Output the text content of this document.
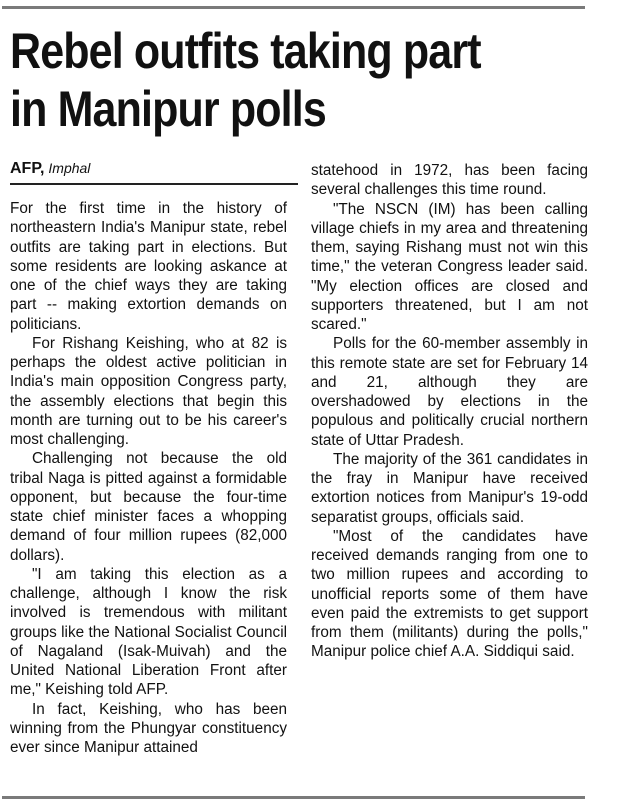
Rebel outfits taking part
in Manipur polls
AFP, Imphal

For the first time in the history of northeastern India's Manipur state, rebel outfits are taking part in elections. But some residents are looking askance at one of the chief ways they are taking part -- making extortion demands on politicians.

For Rishang Keishing, who at 82 is perhaps the oldest active politician in India's main opposition Congress party, the assembly elections that begin this month are turning out to be his career's most challenging.

Challenging not because the old tribal Naga is pitted against a formidable opponent, but because the four-time state chief minister faces a whopping demand of four million rupees (82,000 dollars).

"I am taking this election as a challenge, although I know the risk involved is tremendous with militant groups like the National Socialist Council of Nagaland (Isak-Muivah) and the United National Liberation Front after me," Keishing told AFP.

In fact, Keishing, who has been winning from the Phungyar constituency ever since Manipur attained

statehood in 1972, has been facing several challenges this time round.

"The NSCN (IM) has been calling village chiefs in my area and threatening them, saying Rishang must not win this time," the veteran Congress leader said. "My election offices are closed and supporters threatened, but I am not scared."

Polls for the 60-member assembly in this remote state are set for February 14 and 21, although they are overshadowed by elections in the populous and politically crucial northern state of Uttar Pradesh.

The majority of the 361 candidates in the fray in Manipur have received extortion notices from Manipur's 19-odd separatist groups, officials said.

"Most of the candidates have received demands ranging from one to two million rupees and according to unofficial reports some of them have even paid the extremists to get support from them (militants) during the polls," Manipur police chief A.A. Siddiqui said.
